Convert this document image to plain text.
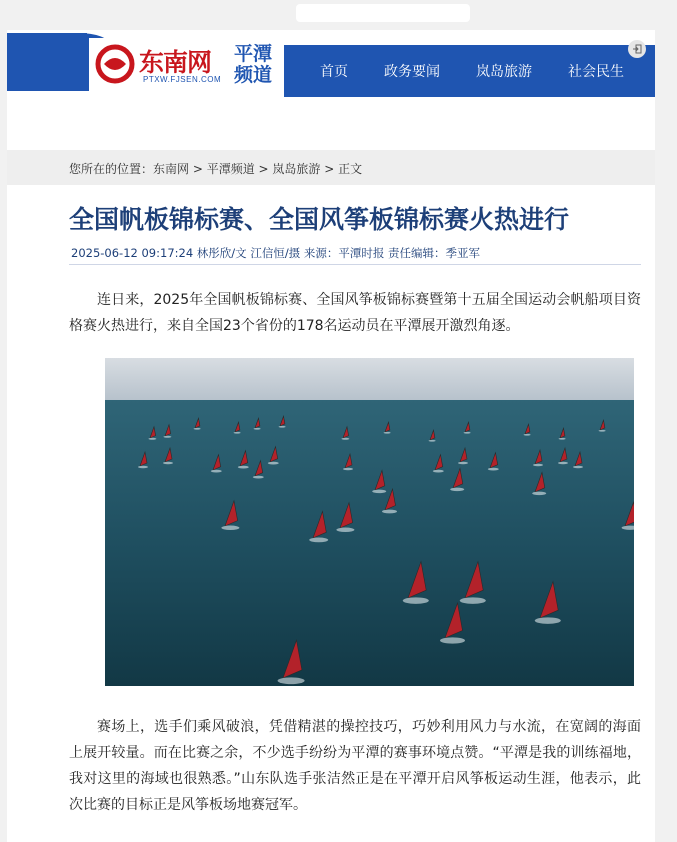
东南网
PTXW.FJSEN.COM
平潭频道	首页	政务要闻	岚岛旅游	社会民生
您所在的位置：东南网 > 平潭频道 > 岚岛旅游 > 正文
全国帆板锦标赛、全国风筝板锦标赛火热进行
2025-06-12 09:17:24 林彤欣/文 江信恒/摄 来源：平潭时报 责任编辑：季亚军

连日来，2025年全国帆板锦标赛、全国风筝板锦标赛暨第十五届全国运动会帆船项目资格赛火热进行，来自全国23个省份的178名运动员在平潭展开激烈角逐。

赛场上，选手们乘风破浪，凭借精湛的操控技巧，巧妙利用风力与水流，在宽阔的海面上展开较量。而在比赛之余，不少选手纷纷为平潭的赛事环境点赞。“平潭是我的训练福地，我对这里的海域也很熟悉。”山东队选手张洁然正是在平潭开启风筝板运动生涯，他表示，此次比赛的目标正是风筝板场地赛冠军。
